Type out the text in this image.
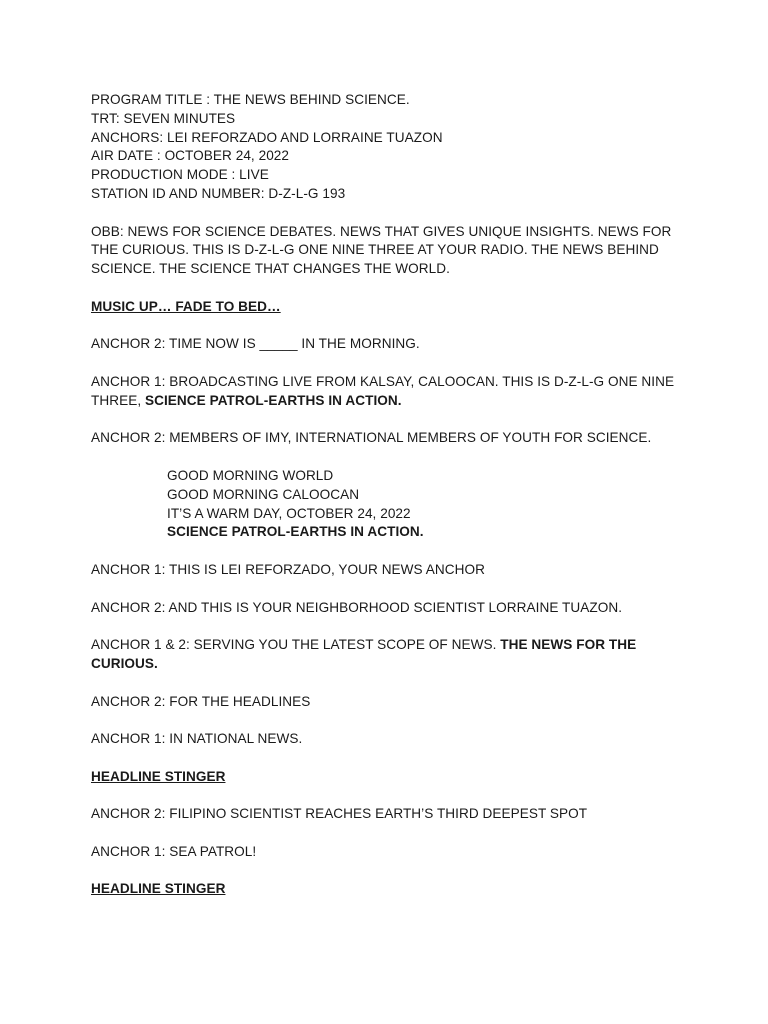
PROGRAM TITLE : THE NEWS BEHIND SCIENCE.
TRT: SEVEN MINUTES
ANCHORS: LEI REFORZADO AND LORRAINE TUAZON
AIR DATE : OCTOBER 24, 2022
PRODUCTION MODE : LIVE
STATION ID AND NUMBER: D-Z-L-G 193

OBB: NEWS FOR SCIENCE DEBATES. NEWS THAT GIVES UNIQUE INSIGHTS. NEWS FOR THE CURIOUS. THIS IS D-Z-L-G ONE NINE THREE AT YOUR RADIO. THE NEWS BEHIND SCIENCE. THE SCIENCE THAT CHANGES THE WORLD.

MUSIC UP… FADE TO BED…
ANCHOR 2: TIME NOW IS _____ IN THE MORNING.

ANCHOR 1: BROADCASTING LIVE FROM KALSAY, CALOOCAN. THIS IS D-Z-L-G ONE NINE THREE, SCIENCE PATROL-EARTHS IN ACTION.

ANCHOR 2: MEMBERS OF IMY, INTERNATIONAL MEMBERS OF YOUTH FOR SCIENCE.
GOOD MORNING WORLD
GOOD MORNING CALOOCAN
IT’S A WARM DAY, OCTOBER 24, 2022
SCIENCE PATROL-EARTHS IN ACTION.
ANCHOR 1: THIS IS LEI REFORZADO, YOUR NEWS ANCHOR
ANCHOR 2: AND THIS IS YOUR NEIGHBORHOOD SCIENTIST LORRAINE TUAZON.

ANCHOR 1 & 2: SERVING YOU THE LATEST SCOPE OF NEWS. THE NEWS FOR THE CURIOUS.

ANCHOR 2: FOR THE HEADLINES
ANCHOR 1: IN NATIONAL NEWS.
HEADLINE STINGER
ANCHOR 2: FILIPINO SCIENTIST REACHES EARTH’S THIRD DEEPEST SPOT
ANCHOR 1: SEA PATROL!
HEADLINE STINGER
